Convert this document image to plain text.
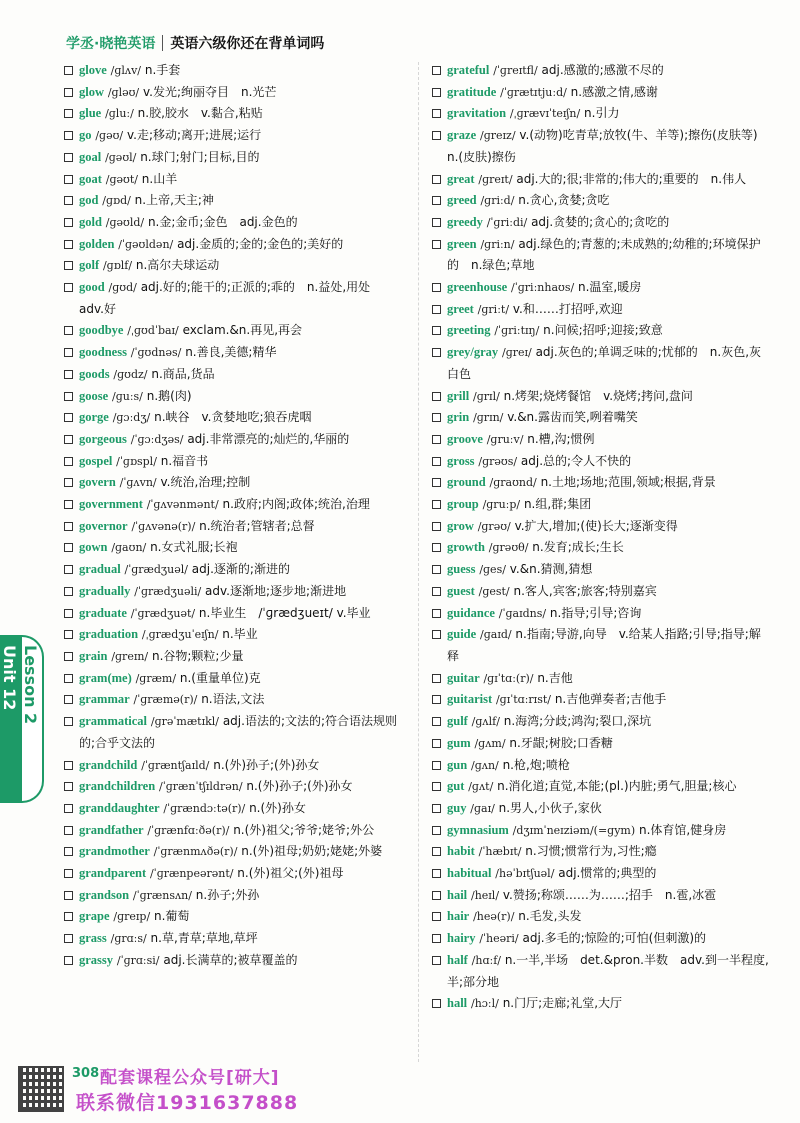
学丞·晓艳英语 英语六级你还在背单词吗
glove /ɡlʌv/ n.手套
glow /ɡləʊ/ v.发光;绚丽夺目　n.光芒
glue /ɡluː/ n.胶,胶水　v.黏合,粘贴
go /ɡəʊ/ v.走;移动;离开;进展;运行
goal /ɡəʊl/ n.球门;射门;目标,目的
goat /ɡəʊt/ n.山羊
god /ɡɒd/ n.上帝,天主;神
gold /ɡəʊld/ n.金;金币;金色　adj.金色的
golden /ˈɡəʊldən/ adj.金质的;金的;金色的;美好的
golf /ɡɒlf/ n.高尔夫球运动
good /ɡʊd/ adj.好的;能干的;正派的;乖的　n.益处,用处　adv.好
goodbye /ˌɡʊdˈbaɪ/ exclam.&n.再见,再会
goodness /ˈɡʊdnəs/ n.善良,美德;精华
goods /ɡʊdz/ n.商品,货品
goose /ɡuːs/ n.鹅(肉)
gorge /ɡɔːdʒ/ n.峡谷　v.贪婪地吃;狼吞虎咽
gorgeous /ˈɡɔːdʒəs/ adj.非常漂亮的;灿烂的,华丽的
gospel /ˈɡɒspl/ n.福音书
govern /ˈɡʌvn/ v.统治,治理;控制
government /ˈɡʌvənmənt/ n.政府;内阁;政体;统治,治理
governor /ˈɡʌvənə(r)/ n.统治者;管辖者;总督
gown /ɡaʊn/ n.女式礼服;长袍
gradual /ˈɡrædʒuəl/ adj.逐渐的;渐进的
gradually /ˈɡrædʒuəli/ adv.逐渐地;逐步地;渐进地
graduate /ˈɡrædʒuət/ n.毕业生　/ˈɡrædʒueɪt/ v.毕业
graduation /ˌɡrædʒuˈeɪʃn/ n.毕业
grain /ɡreɪn/ n.谷物;颗粒;少量
gram(me) /ɡræm/ n.(重量单位)克
grammar /ˈɡræmə(r)/ n.语法,文法
grammatical /ɡrəˈmætɪkl/ adj.语法的;文法的;符合语法规则的;合乎文法的
grandchild /ˈɡræntʃaɪld/ n.(外)孙子;(外)孙女
grandchildren /ˈɡrænˈtʃɪldrən/ n.(外)孙子;(外)孙女
granddaughter /ˈɡrændɔːtə(r)/ n.(外)孙女
grandfather /ˈɡrænfɑːðə(r)/ n.(外)祖父;爷爷;姥爷;外公
grandmother /ˈɡrænmʌðə(r)/ n.(外)祖母;奶奶;姥姥;外婆
grandparent /ˈɡrænpeərənt/ n.(外)祖父;(外)祖母
grandson /ˈɡrænsʌn/ n.孙子;外孙
grape /ɡreɪp/ n.葡萄
grass /ɡrɑːs/ n.草,青草;草地,草坪
grassy /ˈɡrɑːsi/ adj.长满草的;被草覆盖的
grateful /ˈɡreɪtfl/ adj.感激的;感激不尽的
gratitude /ˈɡrætɪtjuːd/ n.感激之情,感谢
gravitation /ˌɡrævɪˈteɪʃn/ n.引力
graze /ɡreɪz/ v.(动物)吃青草;放牧(牛、羊等);擦伤(皮肤等)　n.(皮肤)擦伤
great /ɡreɪt/ adj.大的;很;非常的;伟大的;重要的　n.伟人
greed /ɡriːd/ n.贪心,贪婪;贪吃
greedy /ˈɡriːdi/ adj.贪婪的;贪心的;贪吃的
green /ɡriːn/ adj.绿色的;青葱的;未成熟的;幼稚的;环境保护的　n.绿色;草地
greenhouse /ˈɡriːnhaʊs/ n.温室,暖房
greet /ɡriːt/ v.和……打招呼,欢迎
greeting /ˈɡriːtɪŋ/ n.问候;招呼;迎接;致意
grey/gray /ɡreɪ/ adj.灰色的;单调乏味的;忧郁的　n.灰色,灰白色
grill /ɡrɪl/ n.烤架;烧烤餐馆　v.烧烤;拷问,盘问
grin /ɡrɪn/ v.&n.露齿而笑,咧着嘴笑
groove /ɡruːv/ n.槽,沟;惯例
gross /ɡrəʊs/ adj.总的;令人不快的
ground /ɡraʊnd/ n.土地;场地;范围,领域;根据,背景
group /ɡruːp/ n.组,群;集团
grow /ɡrəʊ/ v.扩大,增加;(使)长大;逐渐变得
growth /ɡrəʊθ/ n.发育;成长;生长
guess /ɡes/ v.&n.猜测,猜想
guest /ɡest/ n.客人,宾客;旅客;特别嘉宾
guidance /ˈɡaɪdns/ n.指导;引导;咨询
guide /ɡaɪd/ n.指南;导游,向导　v.给某人指路;引导;指导;解释
guitar /ɡɪˈtɑː(r)/ n.吉他
guitarist /ɡɪˈtɑːrɪst/ n.吉他弹奏者;吉他手
gulf /ɡʌlf/ n.海湾;分歧;鸿沟;裂口,深坑
gum /ɡʌm/ n.牙龈;树胶;口香糖
gun /ɡʌn/ n.枪,炮;喷枪
gut /ɡʌt/ n.消化道;直觉,本能;(pl.)内脏;勇气,胆量;核心
guy /ɡaɪ/ n.男人,小伙子,家伙
gymnasium /dʒɪmˈneɪziəm/(=gym) n.体育馆,健身房
habit /ˈhæbɪt/ n.习惯;惯常行为,习性;瘾
habitual /həˈbɪtʃuəl/ adj.惯常的;典型的
hail /heɪl/ v.赞扬;称颂……为……;招手　n.雹,冰雹
hair /heə(r)/ n.毛发,头发
hairy /ˈheəri/ adj.多毛的;惊险的;可怕(但刺激)的
half /hɑːf/ n.一半,半场　det.&pron.半数　adv.到一半程度,半;部分地
hall /hɔːl/ n.门厅;走廊;礼堂,大厅
Unit 12 Lesson 2
308 配套课程公众号[研大]
联系微信1931637888
